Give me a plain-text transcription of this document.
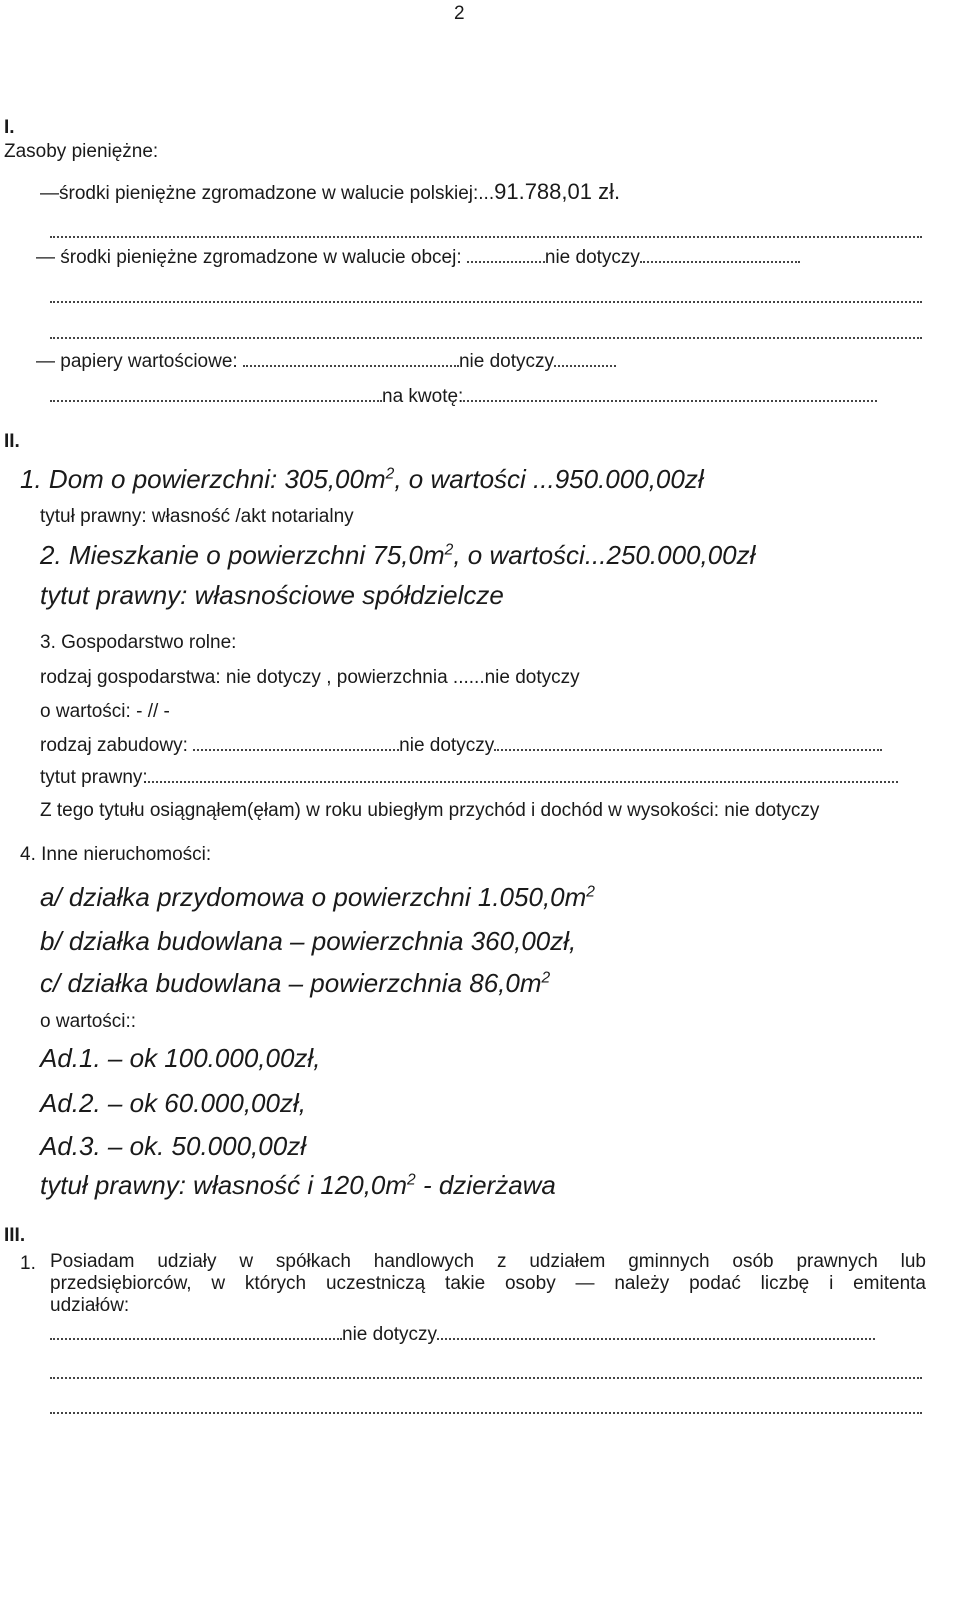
2
I.
Zasoby pieniężne:
—środki pieniężne zgromadzone w walucie polskiej:...91.788,01 zł.
— środki pieniężne zgromadzone w walucie obcej:	nie dotyczy
— papiery wartościowe:	nie dotyczy
na kwotę:
II.
1. Dom o powierzchni: $305,00m^2$, o wartości ...950.000,00zł
tytuł prawny: własność /akt notarialny
2. Mieszkanie o powierzchni $75,0m^2$, o wartości...250.000,00zł
tytut prawny: własnościowe spółdzielcze
3. Gospodarstwo rolne:
rodzaj gospodarstwa: nie dotyczy , powierzchnia ......nie dotyczy
o wartości: - // -
rodzaj zabudowy:	nie dotyczy
tytut prawny:
Z tego tytułu osiągnąłem(ęłam) w roku ubiegłym przychód i dochód w wysokości: nie dotyczy
4. Inne nieruchomości:
a/ działka przydomowa o powierzchni $1.050,0m^2$
b/ działka budowlana – powierzchnia 360,00zł,
c/ działka budowlana – powierzchnia $86,0m^2$
o wartości::
Ad.1. – ok 100.000,00zł,
Ad.2. – ok 60.000,00zł,
Ad.3. – ok. 50.000,00zł
tytuł prawny: własność i $120,0m^2$ - dzierżawa
III.
1. Posiadam udziały w spółkach handlowych z udziałem gminnych osób prawnych lub
przedsiębiorców, w których uczestniczą takie osoby — należy podać liczbę i emitenta
udziałów:
nie dotyczy
